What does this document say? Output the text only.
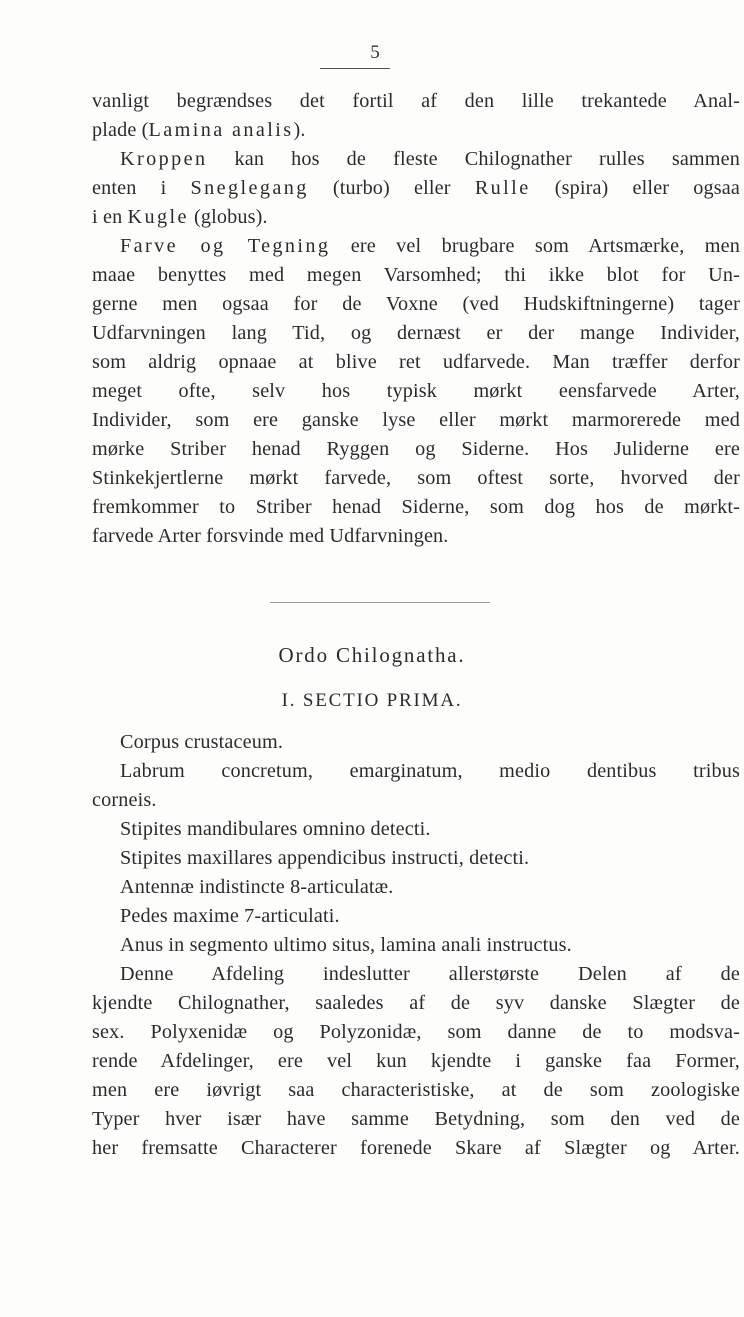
5
vanligt begrændses det fortil af den lille trekantede Anal-
plade (Lamina analis).
Kroppen kan hos de fleste Chilognather rulles sammen
enten i Sneglegang (turbo) eller Rulle (spira) eller ogsaa
i en Kugle (globus).
Farve og Tegning ere vel brugbare som Artsmærke, men
maae benyttes med megen Varsomhed; thi ikke blot for Un-
gerne men ogsaa for de Voxne (ved Hudskiftningerne) tager
Udfarvningen lang Tid, og dernæst er der mange Individer,
som aldrig opnaae at blive ret udfarvede. Man træffer derfor
meget ofte, selv hos typisk mørkt eensfarvede Arter,
Individer, som ere ganske lyse eller mørkt marmorerede med
mørke Striber henad Ryggen og Siderne. Hos Juliderne ere
Stinkekjertlerne mørkt farvede, som oftest sorte, hvorved der
fremkommer to Striber henad Siderne, som dog hos de mørkt-
farvede Arter forsvinde med Udfarvningen.
Ordo Chilognatha.
I. SECTIO PRIMA.
Corpus crustaceum.
Labrum concretum, emarginatum, medio dentibus tribus
corneis.
Stipites mandibulares omnino detecti.
Stipites maxillares appendicibus instructi, detecti.
Antennæ indistincte 8-articulatæ.
Pedes maxime 7-articulati.
Anus in segmento ultimo situs, lamina anali instructus.
Denne Afdeling indeslutter allerstørste Delen af de
kjendte Chilognather, saaledes af de syv danske Slægter de
sex. Polyxenidæ og Polyzonidæ, som danne de to modsva-
rende Afdelinger, ere vel kun kjendte i ganske faa Former,
men ere iøvrigt saa characteristiske, at de som zoologiske
Typer hver især have samme Betydning, som den ved de
her fremsatte Characterer forenede Skare af Slægter og Arter.
